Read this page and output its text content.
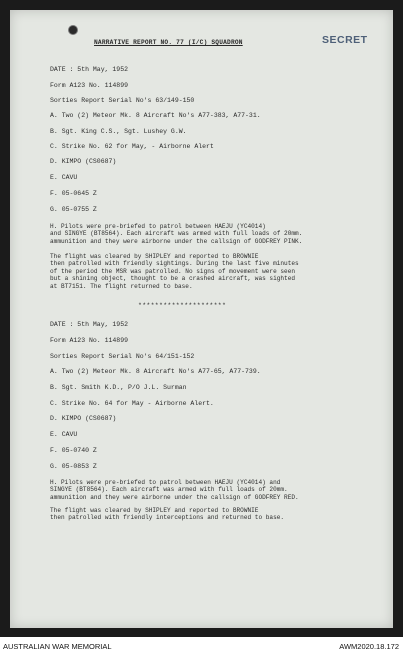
SECRET
NARRATIVE REPORT NO. 77 (I/C) SQUADRON
DATE : 5th May, 1952
Form A123 No. 114899
Sorties Report Serial No's 63/149-150
A. Two (2) Meteor Mk. 8 Aircraft No's A77-383, A77-31.
B. Sgt. King C.S., Sgt. Lushey G.W.
C. Strike No. 62 for May, - Airborne Alert
D. KIMPO (CS0687)
E. CAVU
F. 05-0645 Z
G. 05-0755 Z
H. Pilots were pre-briefed to patrol between HAEJU (YC4014)
and SINGYE (BT8564). Each aircraft was armed with full loads of 20mm.
ammunition and they were airborne under the callsign of GODFREY PINK.
The flight was cleared by SHIPLEY and reported to BROWNIE
then patrolled with friendly sightings. During the last five minutes
of the period the MSR was patrolled. No signs of movement were seen
but a shining object, thought to be a crashed aircraft, was sighted
at BT7151. The flight returned to base.
*********************
DATE : 5th May, 1952
Form A123 No. 114899
Sorties Report Serial No's 64/151-152
A. Two (2) Meteor Mk. 8 Aircraft No's A77-65, A77-739.
B. Sgt. Smith K.D., P/O J.L. Surman
C. Strike No. 64 for May - Airborne Alert.
D. KIMPO (CS0687)
E. CAVU
F. 05-0740 Z
G. 05-0853 Z
H. Pilots were pre-briefed to patrol between HAEJU (YC4014) and
SINGYE (BT8564). Each aircraft was armed with full loads of 20mm.
ammunition and they were airborne under the callsign of GODFREY RED.
The flight was cleared by SHIPLEY and reported to BROWNIE
then patrolled with friendly interceptions and returned to base.
AUSTRALIAN WAR MEMORIAL	AWM2020.18.172
